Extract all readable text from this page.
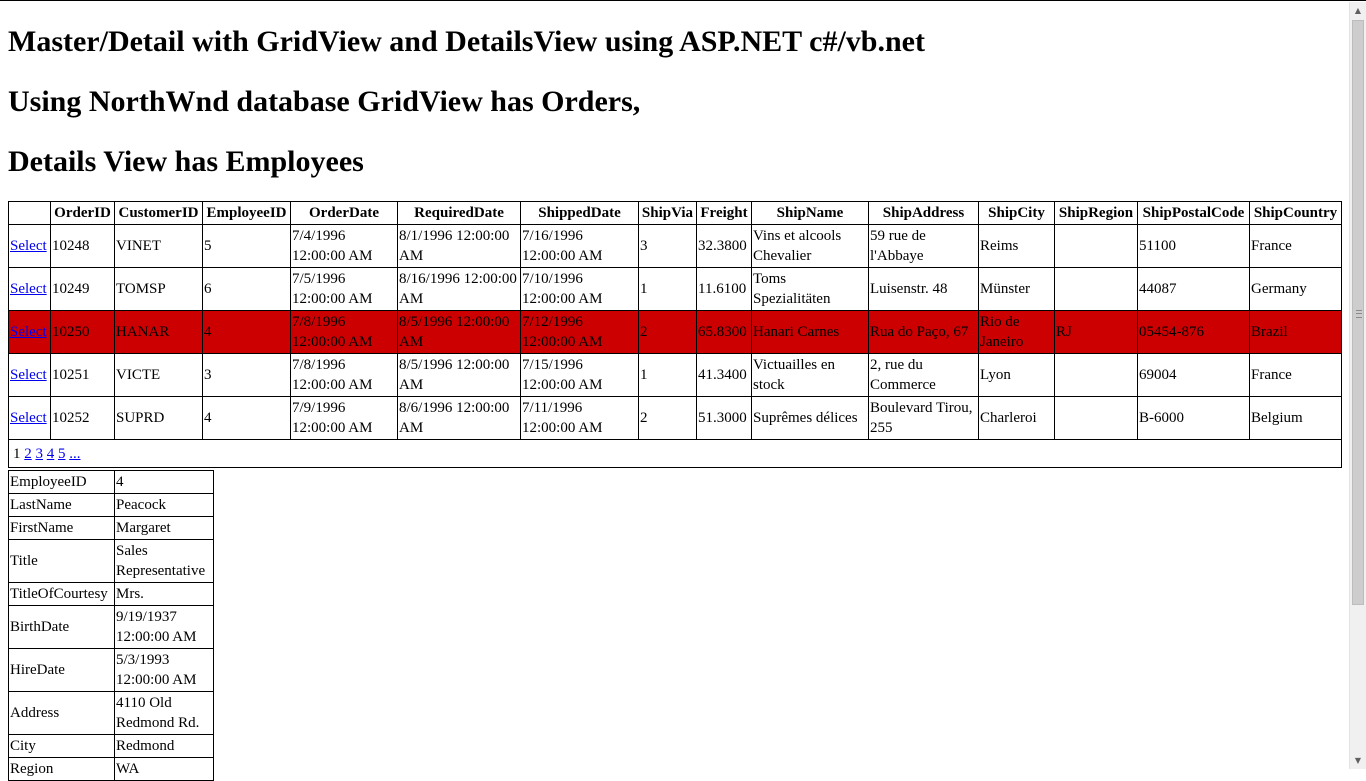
Master/Detail with GridView and DetailsView using ASP.NET c#/vb.net
Using NorthWnd database GridView has Orders,
Details View has Employees
	OrderID	CustomerID	EmployeeID	OrderDate	RequiredDate	ShippedDate	ShipVia	Freight	ShipName	ShipAddress	ShipCity	ShipRegion	ShipPostalCode	ShipCountry
Select	10248	VINET	5	7/4/1996 12:00:00 AM	8/1/1996 12:00:00 AM	7/16/1996 12:00:00 AM	3	32.3800	Vins et alcools Chevalier	59 rue de l'Abbaye	Reims		51100	France
Select	10249	TOMSP	6	7/5/1996 12:00:00 AM	8/16/1996 12:00:00 AM	7/10/1996 12:00:00 AM	1	11.6100	Toms Spezialitäten	Luisenstr. 48	Münster		44087	Germany
Select	10250	HANAR	4	7/8/1996 12:00:00 AM	8/5/1996 12:00:00 AM	7/12/1996 12:00:00 AM	2	65.8300	Hanari Carnes	Rua do Paço, 67	Rio de Janeiro	RJ	05454-876	Brazil
Select	10251	VICTE	3	7/8/1996 12:00:00 AM	8/5/1996 12:00:00 AM	7/15/1996 12:00:00 AM	1	41.3400	Victuailles en stock	2, rue du Commerce	Lyon		69004	France
Select	10252	SUPRD	4	7/9/1996 12:00:00 AM	8/6/1996 12:00:00 AM	7/11/1996 12:00:00 AM	2	51.3000	Suprêmes délices	Boulevard Tirou, 255	Charleroi		B-6000	Belgium
1 2 3 4 5 ...														
EmployeeID	4
LastName	Peacock
FirstName	Margaret
Title	Sales Representative
TitleOfCourtesy	Mrs.
BirthDate	9/19/1937 12:00:00 AM
HireDate	5/3/1993 12:00:00 AM
Address	4110 Old Redmond Rd.
City	Redmond
Region	WA
▲
▼
